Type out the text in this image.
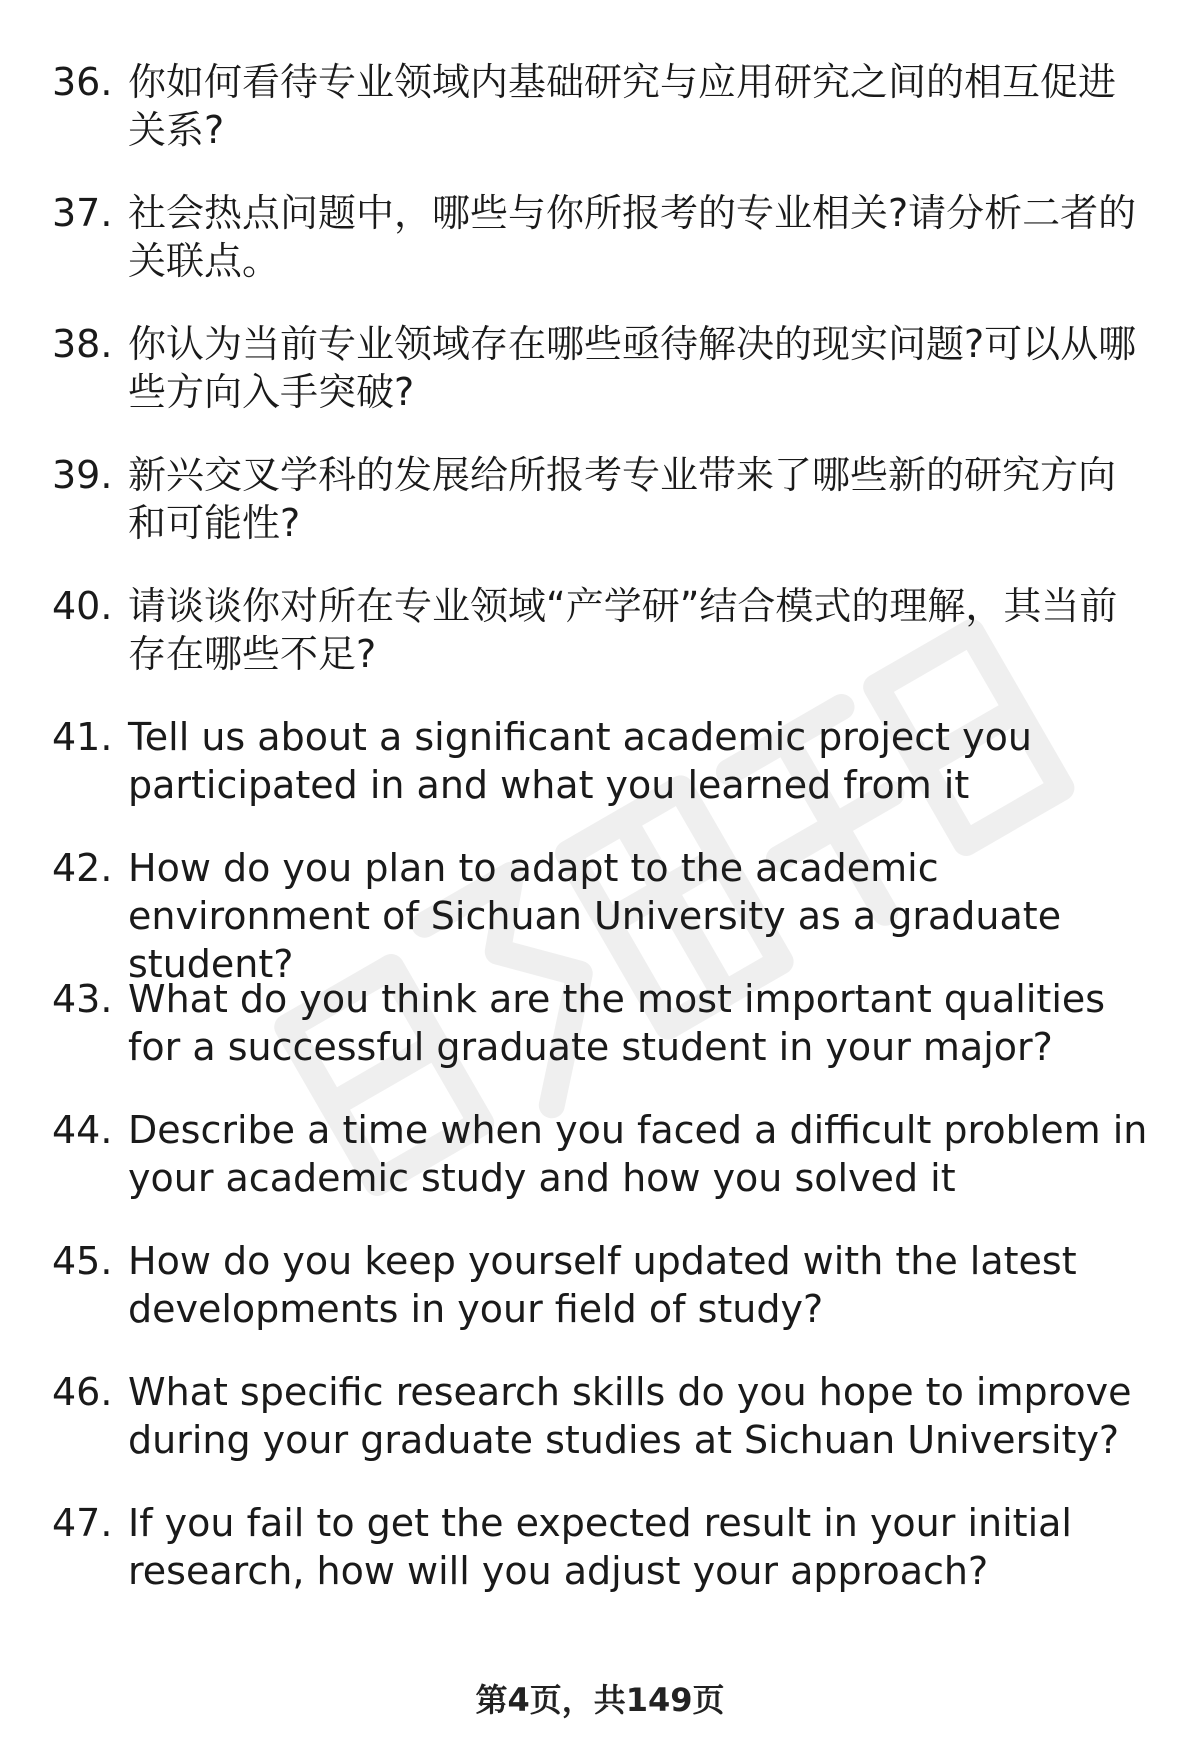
36. 你如何看待专业领域内基础研究与应用研究之间的相互促进关系?
37. 社会热点问题中，哪些与你所报考的专业相关?请分析二者的关联点。
38. 你认为当前专业领域存在哪些亟待解决的现实问题?可以从哪些方向入手突破?
39. 新兴交叉学科的发展给所报考专业带来了哪些新的研究方向和可能性?
40. 请谈谈你对所在专业领域“产学研”结合模式的理解，其当前存在哪些不足?
41. Tell us about a significant academic project you participated in and what you learned from it
42. How do you plan to adapt to the academic environment of Sichuan University as a graduate student?
43. What do you think are the most important qualities for a successful graduate student in your major?
44. Describe a time when you faced a difficult problem in your academic study and how you solved it
45. How do you keep yourself updated with the latest developments in your field of study?
46. What specific research skills do you hope to improve during your graduate studies at Sichuan University?
47. If you fail to get the expected result in your initial research, how will you adjust your approach?
第4页，共149页
